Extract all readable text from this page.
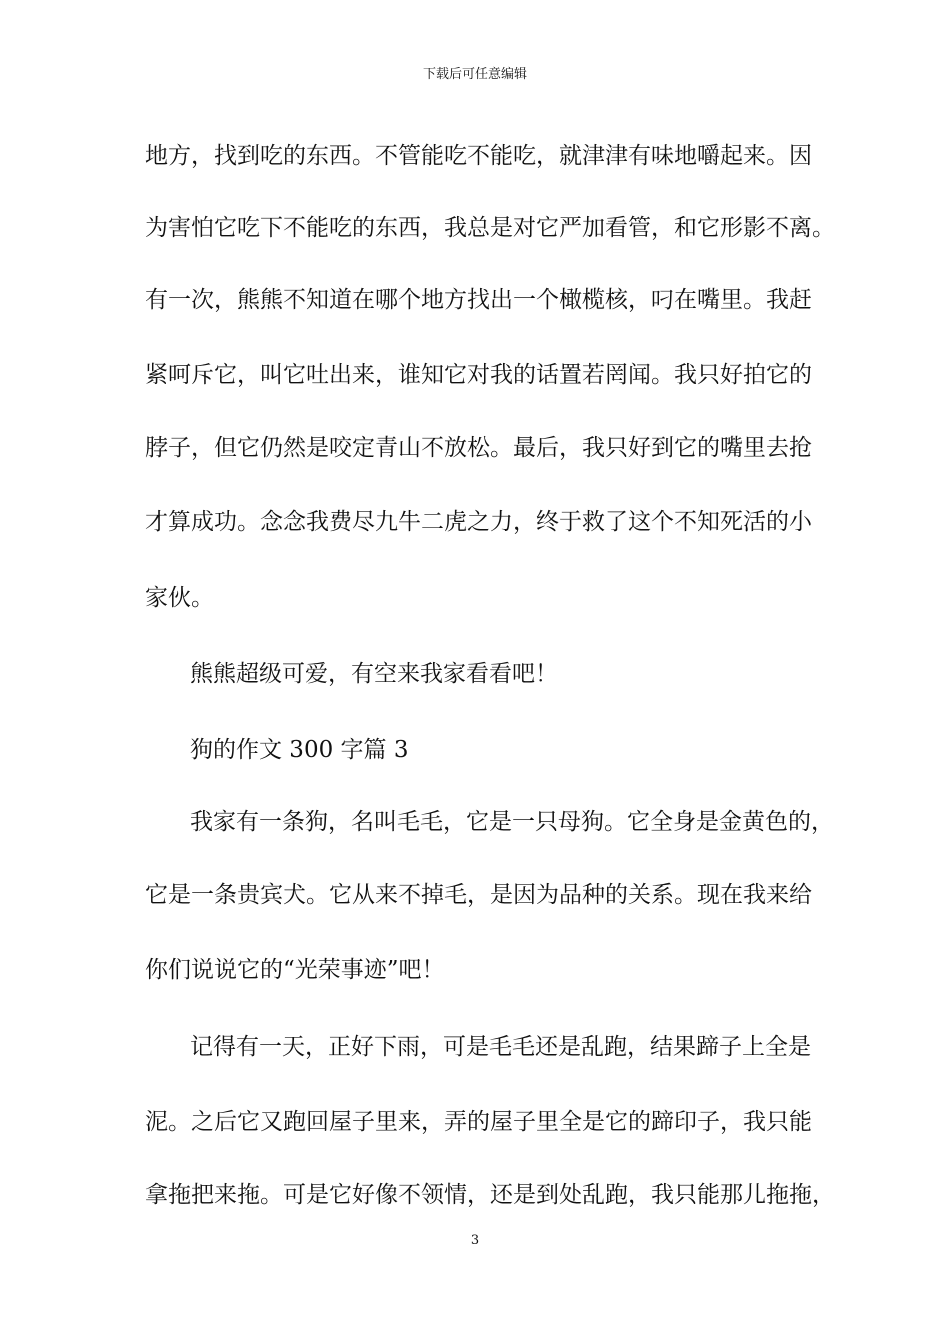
下载后可任意编辑
地方，找到吃的东西。不管能吃不能吃，就津津有味地嚼起来。因
为害怕它吃下不能吃的东西，我总是对它严加看管，和它形影不离。
有一次，熊熊不知道在哪个地方找出一个橄榄核，叼在嘴里。我赶
紧呵斥它，叫它吐出来，谁知它对我的话置若罔闻。我只好拍它的
脖子，但它仍然是咬定青山不放松。最后，我只好到它的嘴里去抢
才算成功。念念我费尽九牛二虎之力，终于救了这个不知死活的小
家伙。
熊熊超级可爱，有空来我家看看吧！
狗的作文 300 字篇 3
我家有一条狗，名叫毛毛，它是一只母狗。它全身是金黄色的，
它是一条贵宾犬。它从来不掉毛，是因为品种的关系。现在我来给
你们说说它的“光荣事迹”吧！
记得有一天，正好下雨，可是毛毛还是乱跑，结果蹄子上全是
泥。之后它又跑回屋子里来，弄的屋子里全是它的蹄印子，我只能
拿拖把来拖。可是它好像不领情，还是到处乱跑，我只能那儿拖拖，
3
